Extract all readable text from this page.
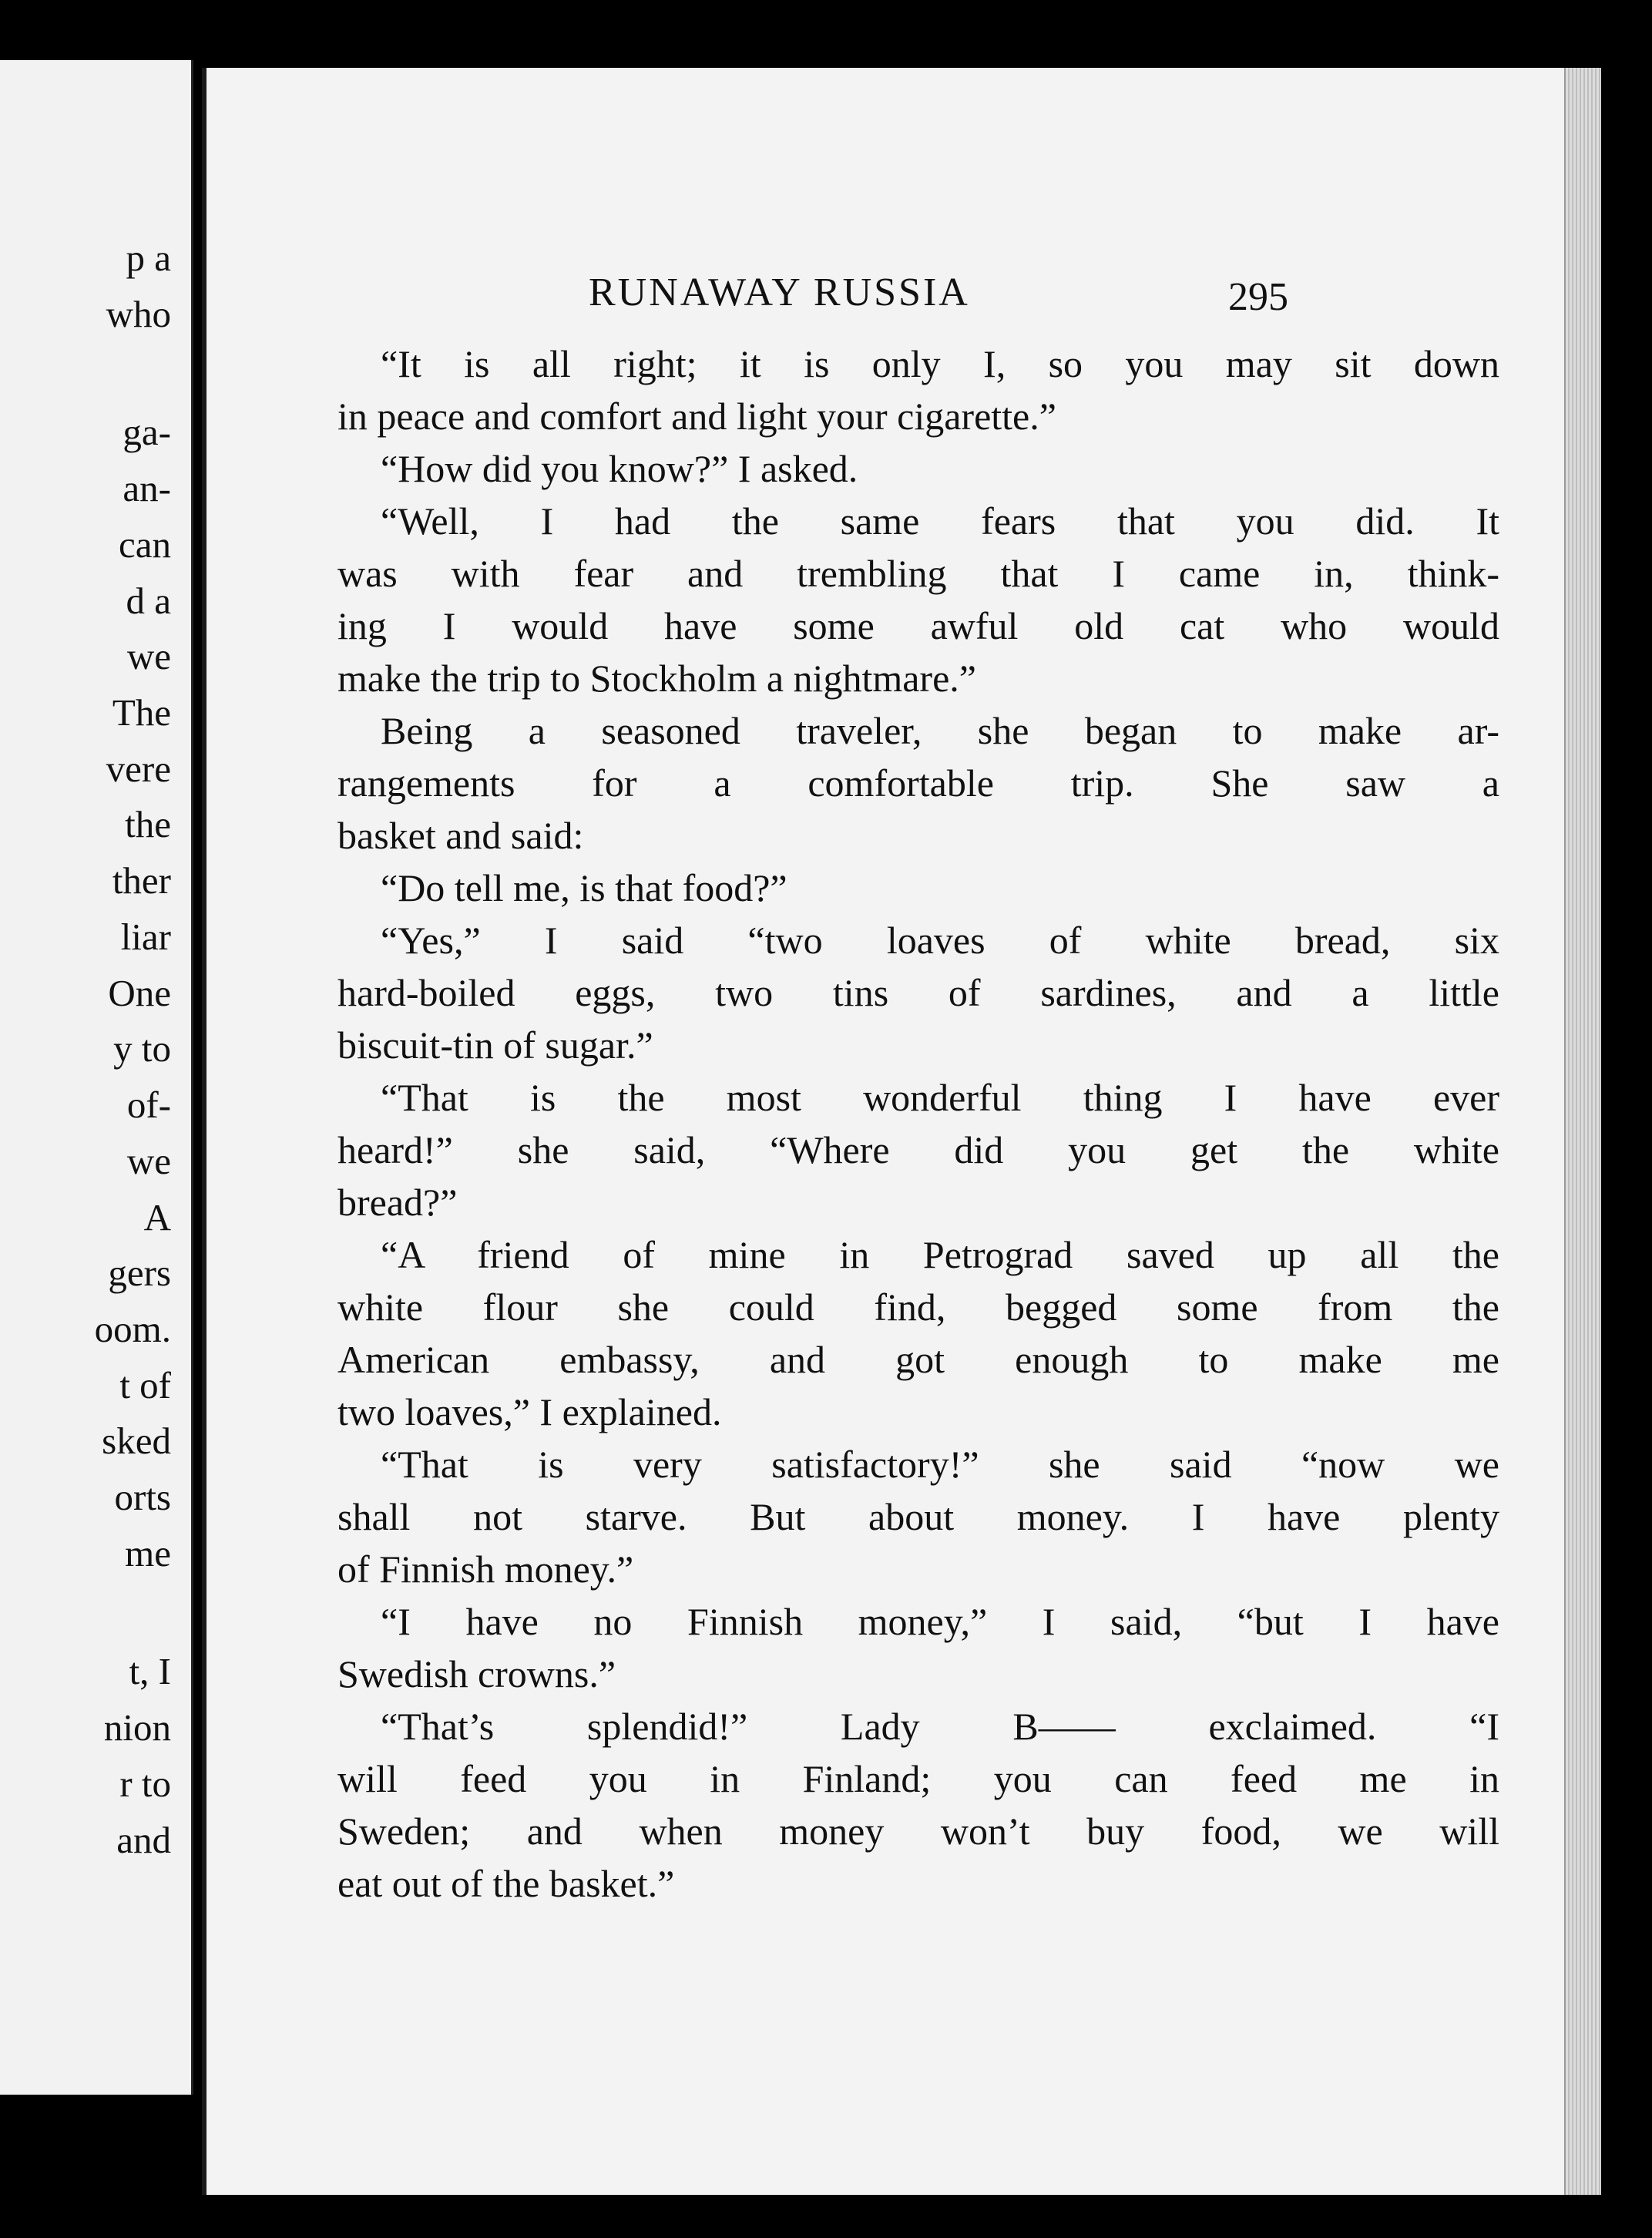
p a
who
ga-
an-
can
d a
we
The
vere
the
ther
liar
One
y to
of-
we
A
gers
oom.
t of
sked
orts
me
t, I
nion
r to
and
RUNAWAY RUSSIA	295
“It is all right; it is only I, so you may sit down
in peace and comfort and light your cigarette.”
“How did you know?” I asked.
“Well, I had the same fears that you did. It
was with fear and trembling that I came in, think-
ing I would have some awful old cat who would
make the trip to Stockholm a nightmare.”
Being a seasoned traveler, she began to make ar-
rangements for a comfortable trip. She saw a
basket and said:
“Do tell me, is that food?”
“Yes,” I said “two loaves of white bread, six
hard-boiled eggs, two tins of sardines, and a little
biscuit-tin of sugar.”
“That is the most wonderful thing I have ever
heard!” she said, “Where did you get the white
bread?”
“A friend of mine in Petrograd saved up all the
white flour she could find, begged some from the
American embassy, and got enough to make me
two loaves,” I explained.
“That is very satisfactory!” she said “now we
shall not starve. But about money. I have plenty
of Finnish money.”
“I have no Finnish money,” I said, “but I have
Swedish crowns.”
“That’s splendid!” Lady B—— exclaimed. “I
will feed you in Finland; you can feed me in
Sweden; and when money won’t buy food, we will
eat out of the basket.”
